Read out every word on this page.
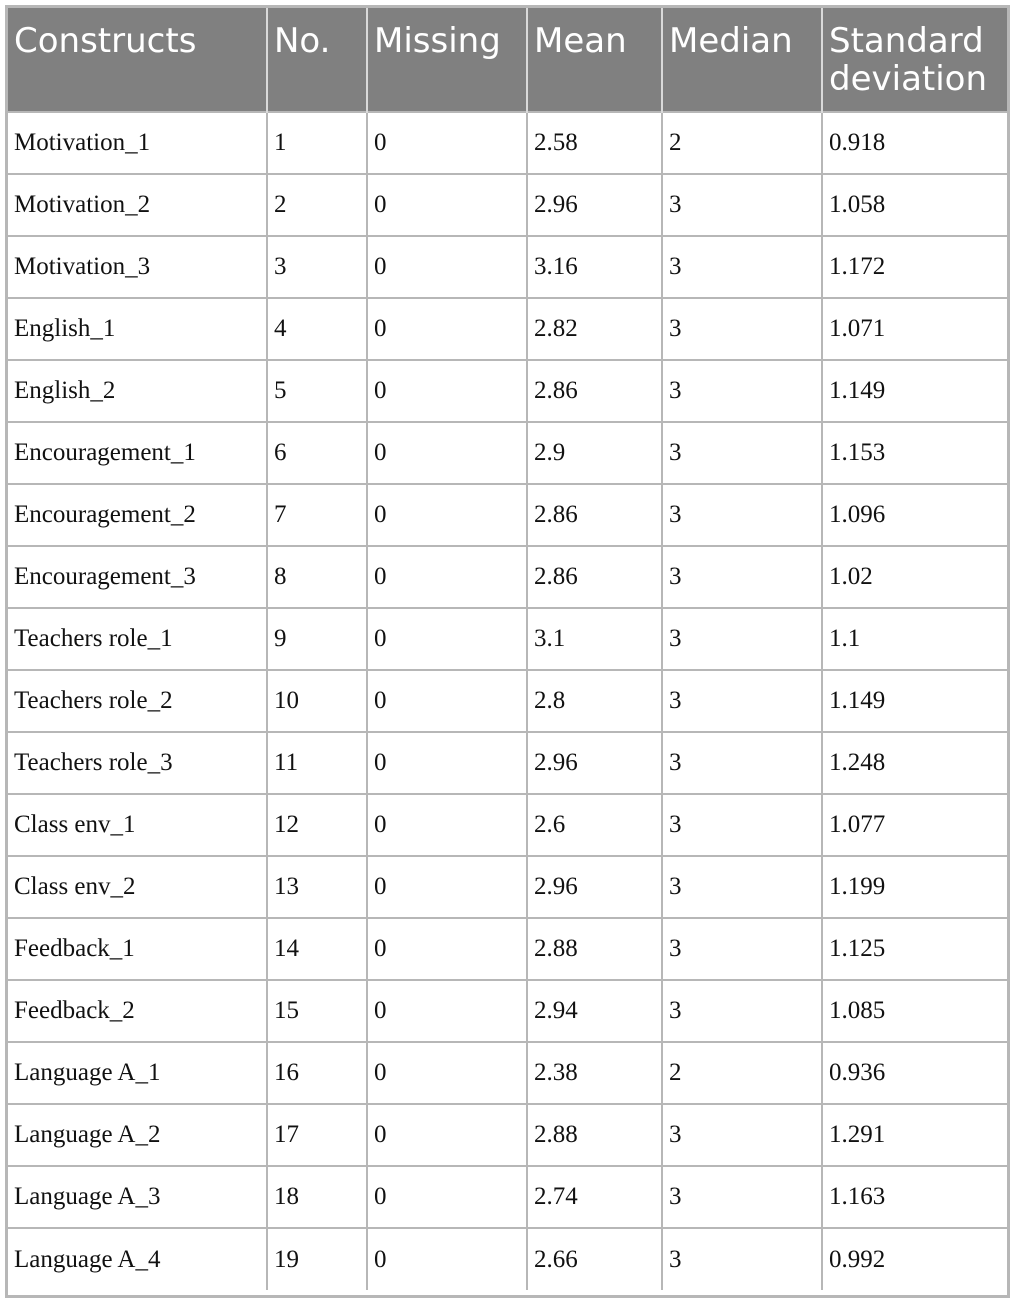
Constructs	No.	Missing	Mean	Median	Standard deviation
Motivation_1	1	0	2.58	2	0.918
Motivation_2	2	0	2.96	3	1.058
Motivation_3	3	0	3.16	3	1.172
English_1	4	0	2.82	3	1.071
English_2	5	0	2.86	3	1.149
Encouragement_1	6	0	2.9	3	1.153
Encouragement_2	7	0	2.86	3	1.096
Encouragement_3	8	0	2.86	3	1.02
Teachers role_1	9	0	3.1	3	1.1
Teachers role_2	10	0	2.8	3	1.149
Teachers role_3	11	0	2.96	3	1.248
Class env_1	12	0	2.6	3	1.077
Class env_2	13	0	2.96	3	1.199
Feedback_1	14	0	2.88	3	1.125
Feedback_2	15	0	2.94	3	1.085
Language A_1	16	0	2.38	2	0.936
Language A_2	17	0	2.88	3	1.291
Language A_3	18	0	2.74	3	1.163
Language A_4	19	0	2.66	3	0.992
